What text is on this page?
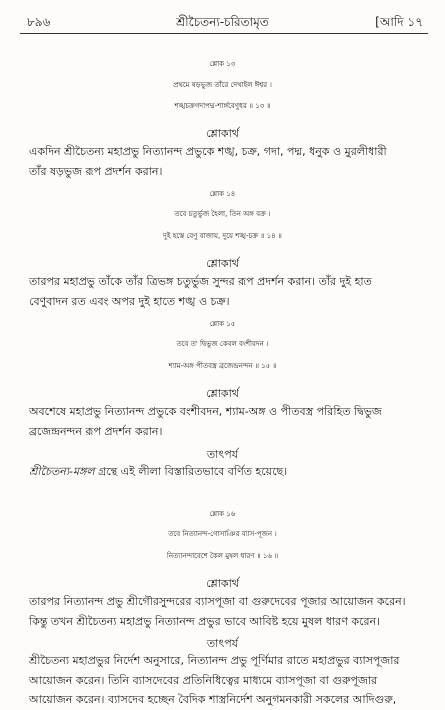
৮৯৬	শ্রীচৈতন্য-চরিতামৃত	[আদি ১৭
শ্লোক ১৩
প্রথমে ষড়ভুজ তাঁরে দেখাইল ঈশ্বর ।
শঙ্খচক্রগদাপদ্ম-শার্ঙ্গবেণুধর ॥ ১৩ ॥
শ্লোকার্থ

একদিন শ্রীচৈতন্য মহাপ্রভু নিত্যানন্দ প্রভুকে শঙ্খ, চক্র, গদা, পদ্ম, ধনুক ও মুরলীধারী

তাঁর ষড়ভুজ রূপ প্রদর্শন করান।

শ্লোক ১৪
তবে চতুর্ভুজ হৈলা, তিন অঙ্গ বক্র ।
দুই হস্তে বেণু বাজায়, দুয়ে শঙ্খ-চক্র ॥ ১৪ ॥
শ্লোকার্থ

তারপর মহাপ্রভু তাঁকে তাঁর ত্রিভঙ্গ চতুর্ভুজ সুন্দর রূপ প্রদর্শন করান। তাঁর দুই হাত

বেণুবাদন রত এবং অপর দুই হাতে শঙ্খ ও চক্র।

শ্লোক ১৫
তবে ত' দ্বিভুজ কেবল বংশীবদন ।
শ্যাম-অঙ্গ পীতবস্ত্র ব্রজেন্দ্রনন্দন ॥ ১৫ ॥
শ্লোকার্থ

অবশেষে মহাপ্রভু নিত্যানন্দ প্রভুকে বংশীবদন, শ্যাম-অঙ্গ ও পীতবস্ত্র পরিহিত দ্বিভুজ

ব্রজেন্দ্রনন্দন রূপ প্রদর্শন করান।

তাৎপর্য

শ্রীচৈতন্য-মঙ্গল গ্রন্থে এই লীলা বিস্তারিতভাবে বর্ণিত হয়েছে।

শ্লোক ১৬
তবে নিত্যানন্দ-গোসাঞির ব্যাস-পূজন ।
নিত্যানন্দাবেশে কৈল মুষল ধারণ ॥ ১৬ ॥
শ্লোকার্থ

তারপর নিত্যানন্দ প্রভু শ্রীগৌরসুন্দরের ব্যাসপূজা বা গুরুদেবের পূজার আয়োজন করেন।

কিন্তু তখন শ্রীচৈতন্য মহাপ্রভু নিত্যানন্দ প্রভুর ভাবে আবিষ্ট হয়ে মুষল ধারণ করেন।

তাৎপর্য

শ্রীচৈতন্য মহাপ্রভুর নির্দেশ অনুসারে, নিত্যানন্দ প্রভু পূর্ণিমার রাতে মহাপ্রভুর ব্যাসপূজার

আয়োজন করেন। তিনি ব্যাসদেবের প্রতিনিধিত্বের মাধ্যমে ব্যাসপূজা বা গুরুপূজার

আয়োজন করেন। ব্যাসদেব হচ্ছেন বৈদিক শাস্ত্রনির্দেশ অনুগমনকারী সকলের আদিগুরু,
